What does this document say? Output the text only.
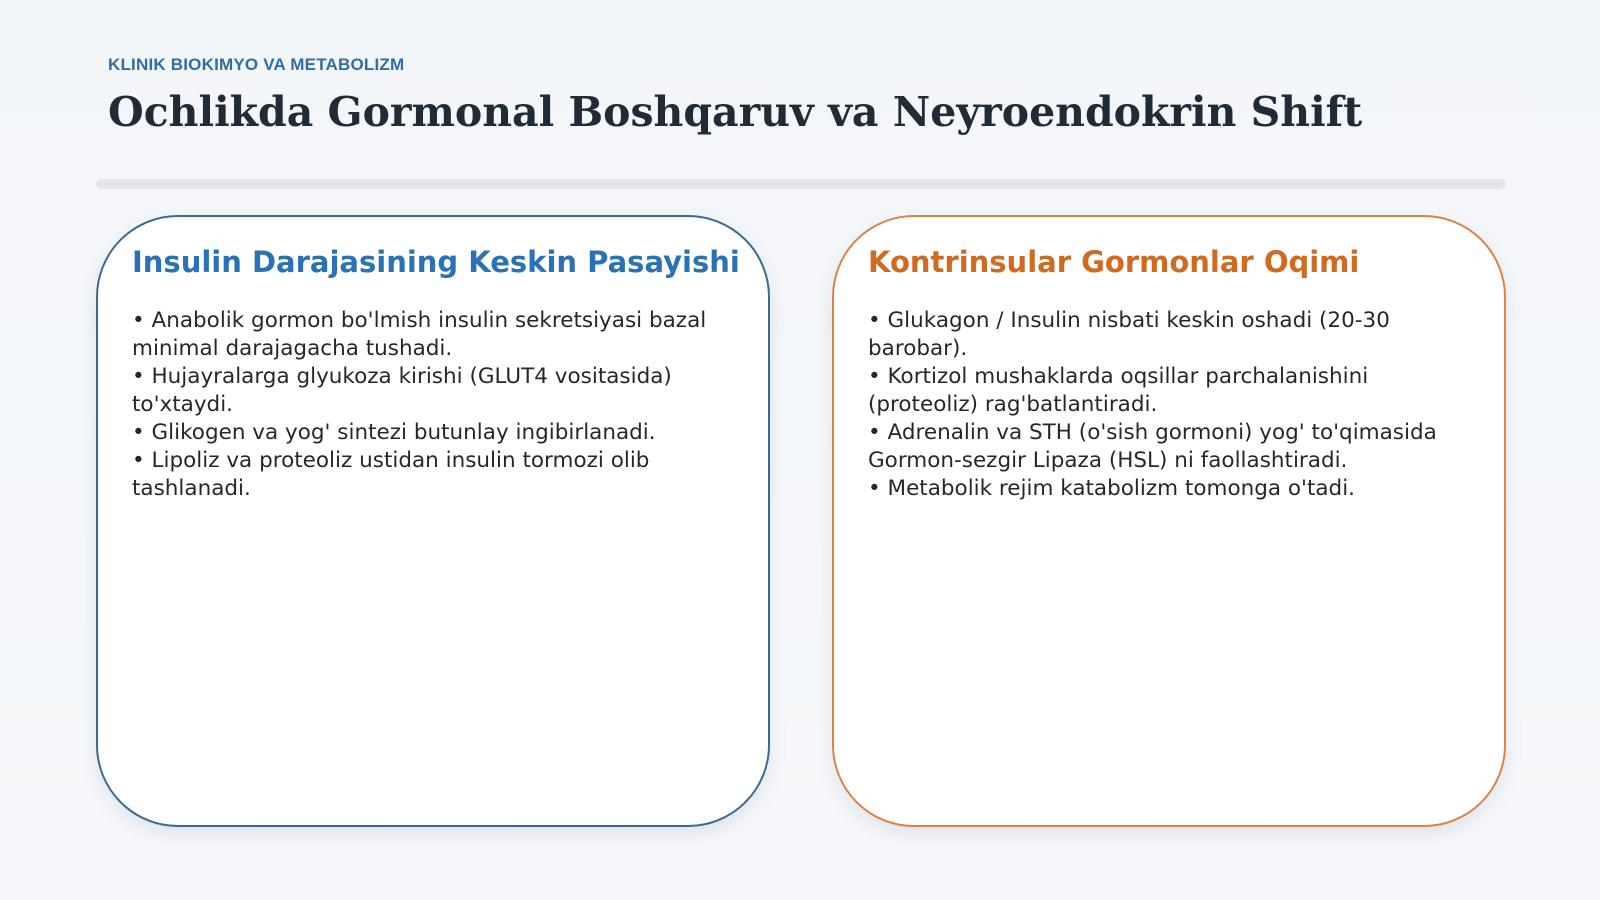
KLINIK BIOKIMYO VA METABOLIZM
Ochlikda Gormonal Boshqaruv va Neyroendokrin Shift
Insulin Darajasining Keskin Pasayishi
• Anabolik gormon bo'lmish insulin sekretsiyasi bazal minimal darajagacha tushadi.
• Hujayralarga glyukoza kirishi (GLUT4 vositasida) to'xtaydi.
• Glikogen va yog' sintezi butunlay ingibirlanadi.
• Lipoliz va proteoliz ustidan insulin tormozi olib tashlanadi.
Kontrinsular Gormonlar Oqimi
• Glukagon / Insulin nisbati keskin oshadi (20-30 barobar).
• Kortizol mushaklarda oqsillar parchalanishini (proteoliz) rag'batlantiradi.
• Adrenalin va STH (o'sish gormoni) yog' to'qimasida Gormon-sezgir Lipaza (HSL) ni faollashtiradi.
• Metabolik rejim katabolizm tomonga o'tadi.
